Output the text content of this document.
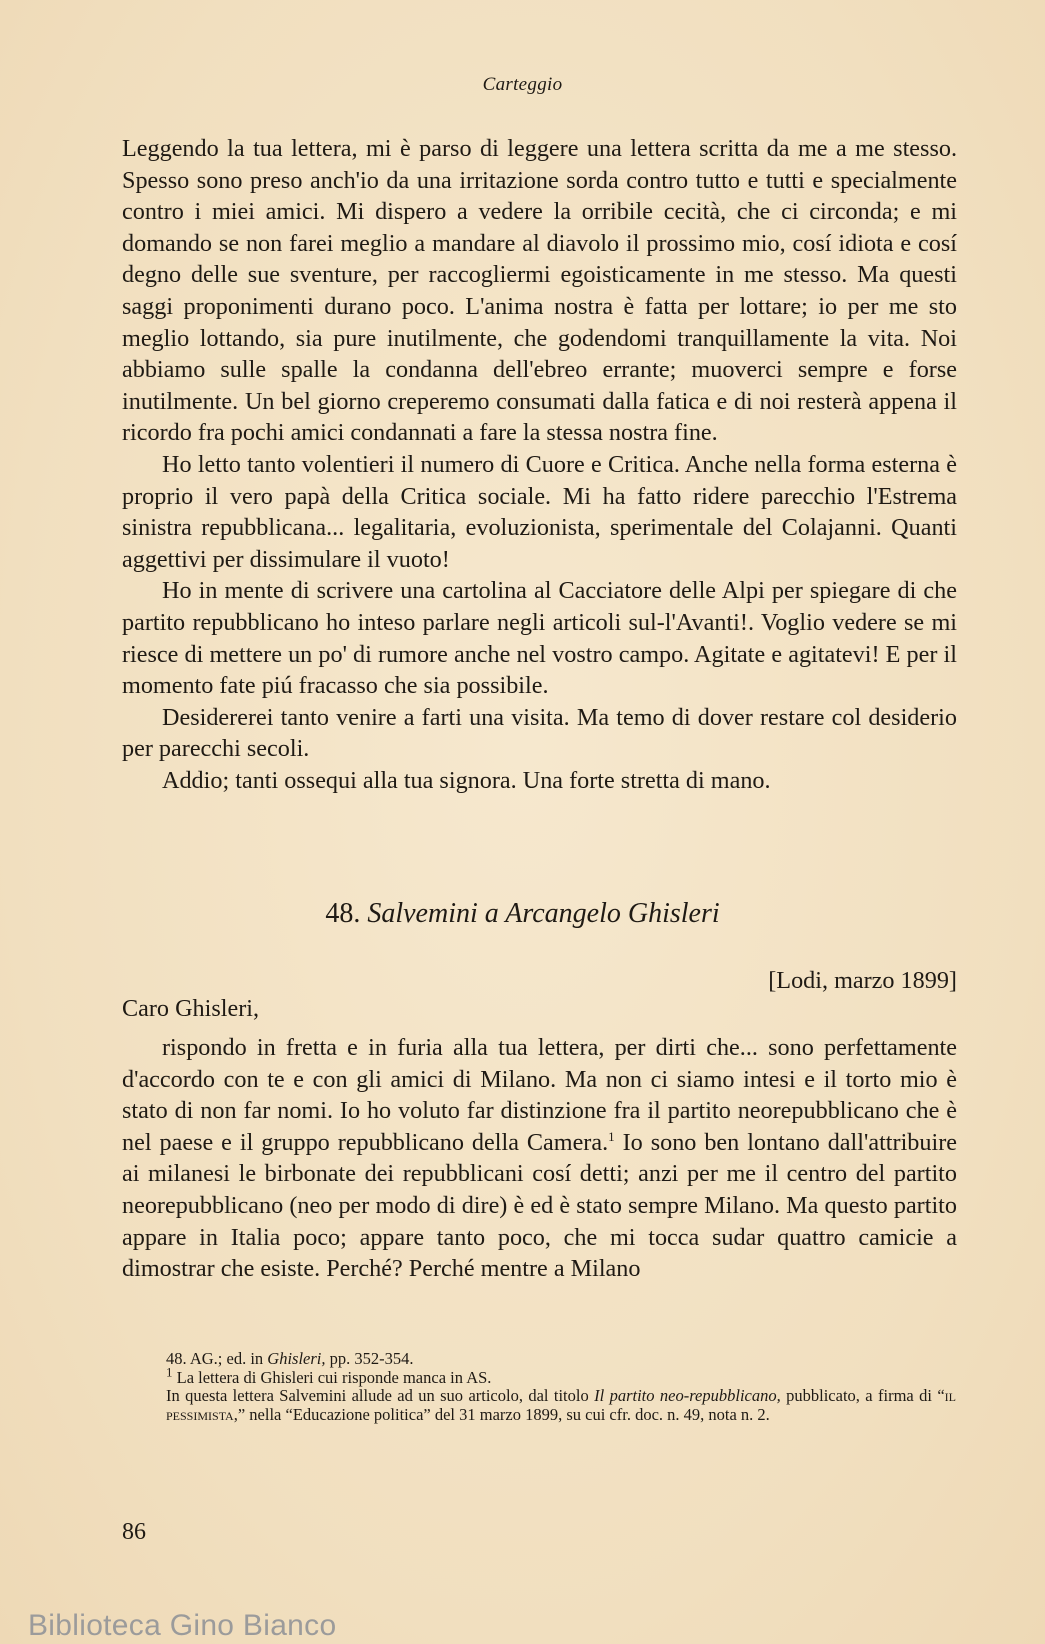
Carteggio

Leggendo la tua lettera, mi è parso di leggere una lettera scritta da me a me stesso. Spesso sono preso anch'io da una irritazione sorda contro tutto e tutti e specialmente contro i miei amici. Mi dispero a vedere la orribile cecità, che ci circonda; e mi domando se non farei meglio a mandare al diavolo il prossimo mio, cosí idiota e cosí degno delle sue sventure, per raccogliermi egoisticamente in me stesso. Ma questi saggi proponimenti durano poco. L'anima nostra è fatta per lottare; io per me sto meglio lottando, sia pure inutilmente, che godendomi tranquillamente la vita. Noi abbiamo sulle spalle la condanna dell'ebreo errante; muoverci sempre e forse inutilmente. Un bel giorno creperemo consumati dalla fatica e di noi resterà appena il ricordo fra pochi amici condannati a fare la stessa nostra fine.

Ho letto tanto volentieri il numero di Cuore e Critica. Anche nella forma esterna è proprio il vero papà della Critica sociale. Mi ha fatto ridere parecchio l'Estrema sinistra repubblicana... legalitaria, evoluzionista, sperimentale del Colajanni. Quanti aggettivi per dissimulare il vuoto!

Ho in mente di scrivere una cartolina al Cacciatore delle Alpi per spiegare di che partito repubblicano ho inteso parlare negli articoli sul-l'Avanti!. Voglio vedere se mi riesce di mettere un po' di rumore anche nel vostro campo. Agitate e agitatevi! E per il momento fate piú fracasso che sia possibile.

Desidererei tanto venire a farti una visita. Ma temo di dover restare col desiderio per parecchi secoli.

Addio; tanti ossequi alla tua signora. Una forte stretta di mano.

48. Salvemini a Arcangelo Ghisleri
[Lodi, marzo 1899]
Caro Ghisleri,

rispondo in fretta e in furia alla tua lettera, per dirti che... sono perfettamente d'accordo con te e con gli amici di Milano. Ma non ci siamo intesi e il torto mio è stato di non far nomi. Io ho voluto far distinzione fra il partito neorepubblicano che è nel paese e il gruppo repubblicano della Camera.$^1$ Io sono ben lontano dall'attribuire ai milanesi le birbonate dei repubblicani cosí detti; anzi per me il centro del partito neorepubblicano (neo per modo di dire) è ed è stato sempre Milano. Ma questo partito appare in Italia poco; appare tanto poco, che mi tocca sudar quattro camicie a dimostrar che esiste. Perché? Perché mentre a Milano

48. AG.; ed. in Ghisleri, pp. 352-354.

$^1$ La lettera di Ghisleri cui risponde manca in AS.

In questa lettera Salvemini allude ad un suo articolo, dal titolo Il partito neo-repubblicano, pubblicato, a firma di “il pessimista,” nella “Educazione politica” del 31 marzo 1899, su cui cfr. doc. n. 49, nota n. 2.

86
Biblioteca Gino Bianco
